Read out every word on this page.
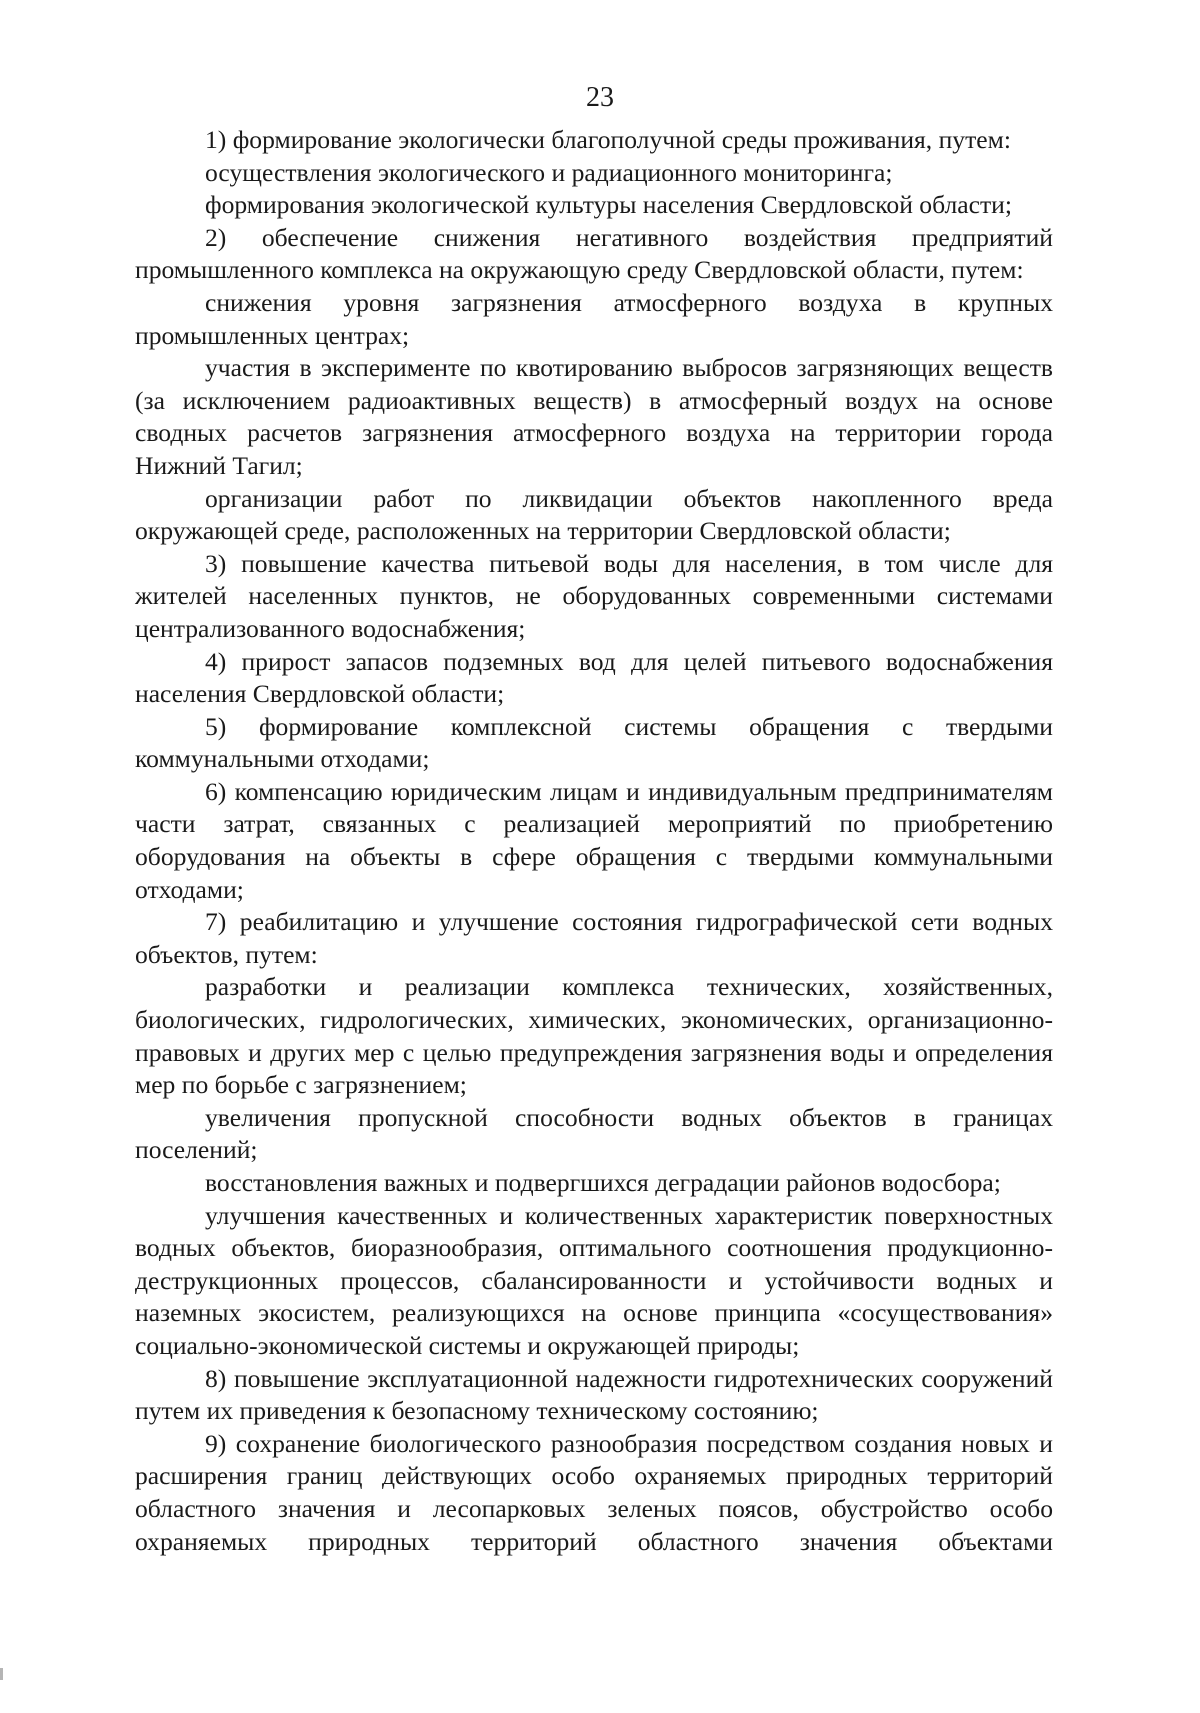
23

1) формирование экологически благополучной среды проживания, путем:

осуществления экологического и радиационного мониторинга;

формирования экологической культуры населения Свердловской области;

2) обеспечение снижения негативного воздействия предприятий промышленного комплекса на окружающую среду Свердловской области, путем:

снижения уровня загрязнения атмосферного воздуха в крупных промышленных центрах;

участия в эксперименте по квотированию выбросов загрязняющих веществ (за исключением радиоактивных веществ) в атмосферный воздух на основе сводных расчетов загрязнения атмосферного воздуха на территории города Нижний Тагил;

организации работ по ликвидации объектов накопленного вреда окружающей среде, расположенных на территории Свердловской области;

3) повышение качества питьевой воды для населения, в том числе для жителей населенных пунктов, не оборудованных современными системами централизованного водоснабжения;

4) прирост запасов подземных вод для целей питьевого водоснабжения населения Свердловской области;

5) формирование комплексной системы обращения с твердыми коммунальными отходами;

6) компенсацию юридическим лицам и индивидуальным предпринимателям части затрат, связанных с реализацией мероприятий по приобретению оборудования на объекты в сфере обращения с твердыми коммунальными отходами;

7) реабилитацию и улучшение состояния гидрографической сети водных объектов, путем:

разработки и реализации комплекса технических, хозяйственных, биологических, гидрологических, химических, экономических, организационно-правовых и других мер с целью предупреждения загрязнения воды и определения мер по борьбе с загрязнением;

увеличения пропускной способности водных объектов в границах поселений;

восстановления важных и подвергшихся деградации районов водосбора;

улучшения качественных и количественных характеристик поверхностных водных объектов, биоразнообразия, оптимального соотношения продукционно-деструкционных процессов, сбалансированности и устойчивости водных и наземных экосистем, реализующихся на основе принципа «сосуществования» социально-экономической системы и окружающей природы;

8) повышение эксплуатационной надежности гидротехнических сооружений путем их приведения к безопасному техническому состоянию;

9) сохранение биологического разнообразия посредством создания новых и расширения границ действующих особо охраняемых природных территорий областного значения и лесопарковых зеленых поясов, обустройство особо охраняемых природных территорий областного значения объектами
